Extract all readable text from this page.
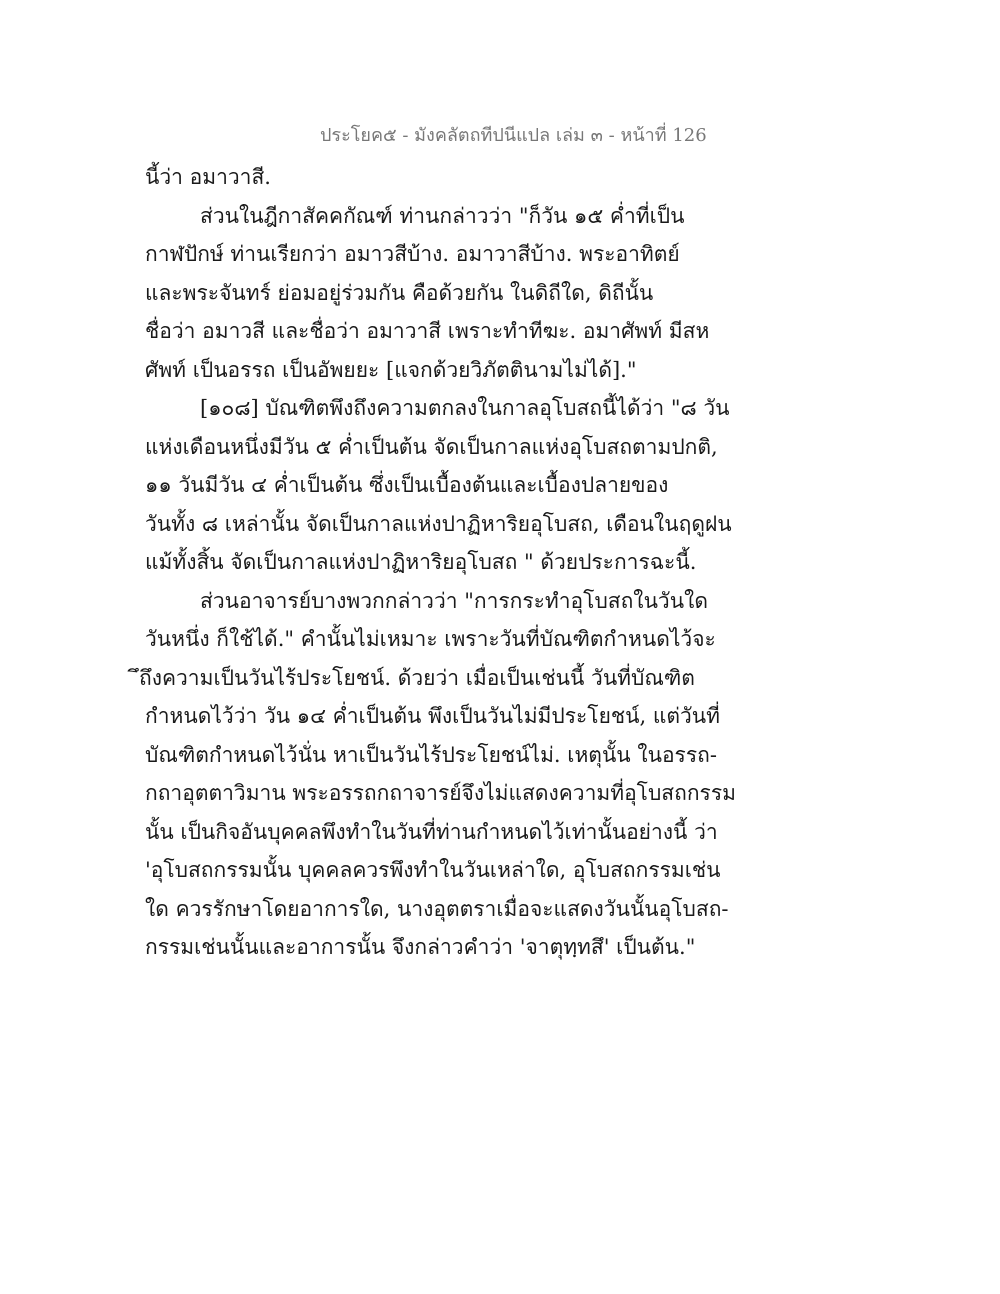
ประโยค๕ - มังคลัตถทีปนีแปล เล่ม ๓ - หน้าที่ 126
นี้ว่า อมาวาสี.
ส่วนในฎีกาสัคคกัณฑ์ ท่านกล่าวว่า "ก็วัน ๑๕ ค่ำที่เป็น
กาฬปักษ์ ท่านเรียกว่า อมาวสีบ้าง. อมาวาสีบ้าง. พระอาทิตย์
และพระจันทร์ ย่อมอยู่ร่วมกัน คือด้วยกัน ในดิถีใด, ดิถีนั้น
ชื่อว่า อมาวสี และชื่อว่า อมาวาสี เพราะทำทีฆะ. อมาศัพท์ มีสห
ศัพท์ เป็นอรรถ เป็นอัพยยะ [แจกด้วยวิภัตตินามไม่ได้]."
[๑๐๘] บัณฑิตพึงถึงความตกลงในกาลอุโบสถนี้ได้ว่า "๘ วัน
แห่งเดือนหนึ่งมีวัน ๕ ค่ำเป็นต้น จัดเป็นกาลแห่งอุโบสถตามปกติ,
๑๑ วันมีวัน ๔ ค่ำเป็นต้น ซึ่งเป็นเบื้องต้นและเบื้องปลายของ
วันทั้ง ๘ เหล่านั้น จัดเป็นกาลแห่งปาฏิหาริยอุโบสถ, เดือนในฤดูฝน
แม้ทั้งสิ้น จัดเป็นกาลแห่งปาฏิหาริยอุโบสถ " ด้วยประการฉะนี้.
ส่วนอาจารย์บางพวกกล่าวว่า "การกระทำอุโบสถในวันใด
วันหนึ่ง ก็ใช้ได้." คำนั้นไม่เหมาะ เพราะวันที่บัณฑิตกำหนดไว้จะ
ึถึงความเป็นวันไร้ประโยชน์. ด้วยว่า เมื่อเป็นเช่นนี้ วันที่บัณฑิต
กำหนดไว้ว่า วัน ๑๔ ค่ำเป็นต้น พึงเป็นวันไม่มีประโยชน์, แต่วันที่
บัณฑิตกำหนดไว้นั่น หาเป็นวันไร้ประโยชน์ไม่. เหตุนั้น ในอรรถ-
กถาอุตตาวิมาน พระอรรถกถาจารย์จึงไม่แสดงความที่อุโบสถกรรม
นั้น เป็นกิจอันบุคคลพึงทำในวันที่ท่านกำหนดไว้เท่านั้นอย่างนี้ ว่า
'อุโบสถกรรมนั้น บุคคลควรพึงทำในวันเหล่าใด, อุโบสถกรรมเช่น
ใด ควรรักษาโดยอาการใด, นางอุตตราเมื่อจะแสดงวันนั้นอุโบสถ-
กรรมเช่นนั้นและอาการนั้น จึงกล่าวคำว่า 'จาตุทฺทสึ' เป็นต้น."
